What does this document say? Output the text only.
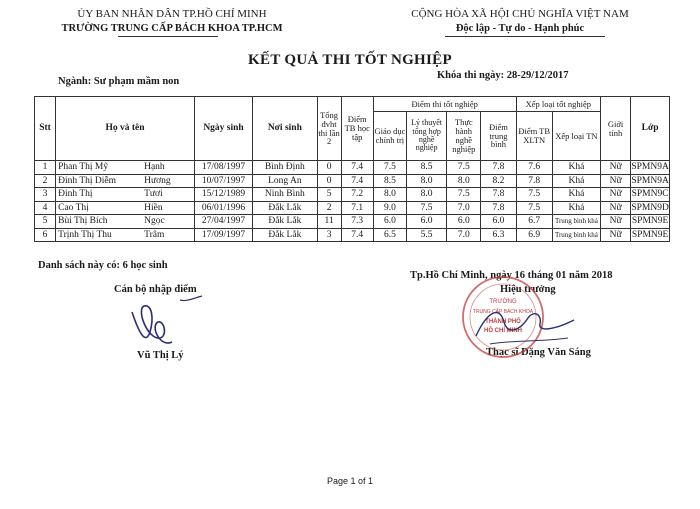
ỦY BAN NHÂN DÂN TP.HỒ CHÍ MINH
TRƯỜNG TRUNG CẤP BÁCH KHOA TP.HCM
CỘNG HÒA XÃ HỘI CHỦ NGHĨA VIỆT NAM
Độc lập - Tự do - Hạnh phúc
KẾT QUẢ THI TỐT NGHIỆP
Ngành: Sư phạm mầm non
Khóa thi ngày: 28-29/12/2017
Stt	Họ và tên	Ngày sinh	Nơi sinh	Tổng đvht thi lần 2	Điểm TB học tập	Điểm thi tốt nghiệp				Xếp loại tốt nghiệp		Giới tính	Lớp
						Giáo dục chính trị	Lý thuyết tổng hợp nghề nghiệp	Thực hành nghề nghiệp	Điểm trung bình	Điểm TB XLTN	Xếp loại TN		
1	Phan Thị Mỹ Hạnh	17/08/1997	Bình Định	0	7.4	7.5	8.5	7.5	7.8	7.6	Khá	Nữ	SPMN9A
2	Đinh Thị Diễm Hương	10/07/1997	Long An	0	7.4	8.5	8.0	8.0	8.2	7.8	Khá	Nữ	SPMN9A
3	Đinh Thị Tươi	15/12/1989	Ninh Bình	5	7.2	8.0	8.0	7.5	7.8	7.5	Khá	Nữ	SPMN9C
4	Cao Thị Hiền	06/01/1996	Đắk Lắk	2	7.1	9.0	7.5	7.0	7.8	7.5	Khá	Nữ	SPMN9D
5	Bùi Thị Bích Ngọc	27/04/1997	Đắk Lắk	11	7.3	6.0	6.0	6.0	6.0	6.7	Trung bình khá	Nữ	SPMN9E
6	Trịnh Thị Thu Trâm	17/09/1997	Đắk Lắk	3	7.4	6.5	5.5	7.0	6.3	6.9	Trung bình khá	Nữ	SPMN9E
Danh sách này có: 6 học sinh
Tp.Hồ Chí Minh, ngày 16 tháng 01 năm 2018
Hiệu trưởng
Cán bộ nhập điểm
Vũ Thị Lý	Thạc sĩ Đặng Văn Sáng
TRƯỜNG
TRUNG CẤP BÁCH KHOA
THÀNH PHỐ
HỒ CHÍ MINH
Page 1 of 1
